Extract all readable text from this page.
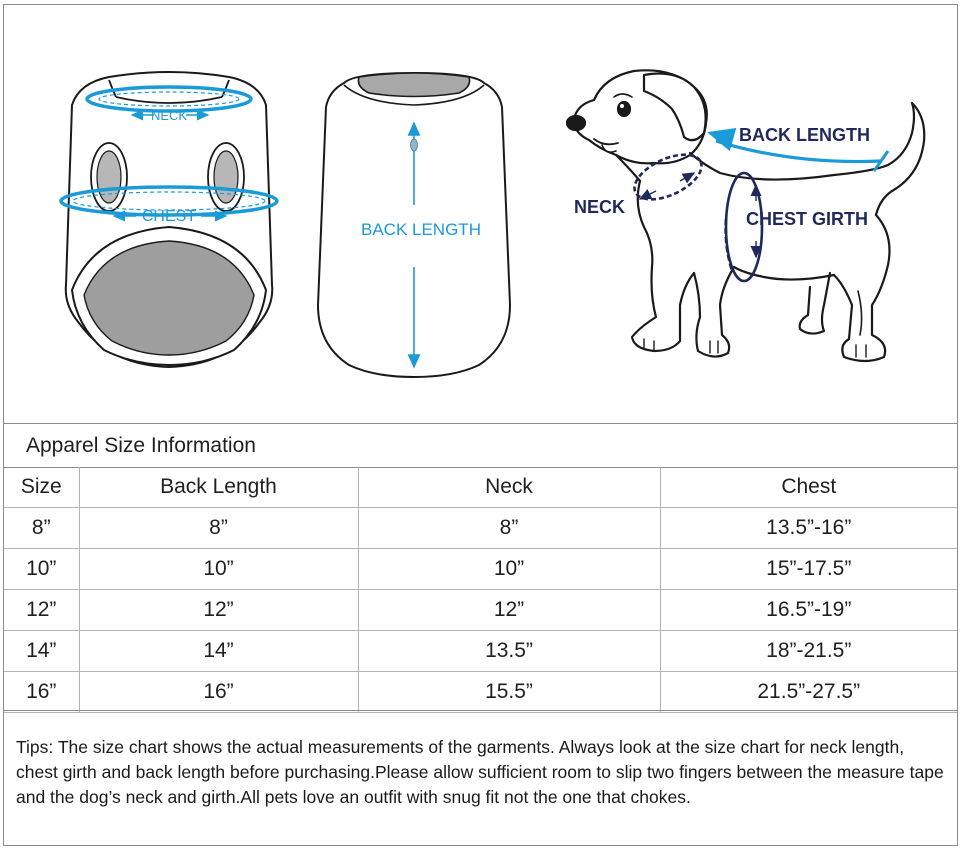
NECK
CHEST
BACK LENGTH
BACK LENGTH
NECK
CHEST GIRTH
Apparel Size Information
Size	Back Length	Neck	Chest
8”	8”	8”	13.5”-16”
10”	10”	10”	15”-17.5”
12”	12”	12”	16.5”-19”
14”	14”	13.5”	18”-21.5”
16”	16”	15.5”	21.5”-27.5”

Tips: The size chart shows the actual measurements of the garments. Always look at the size chart for neck length, chest girth and back length before purchasing.Please allow sufficient room to slip two fingers between the measure tape and the dog’s neck and girth.All pets love an outfit with snug fit not the one that chokes.
